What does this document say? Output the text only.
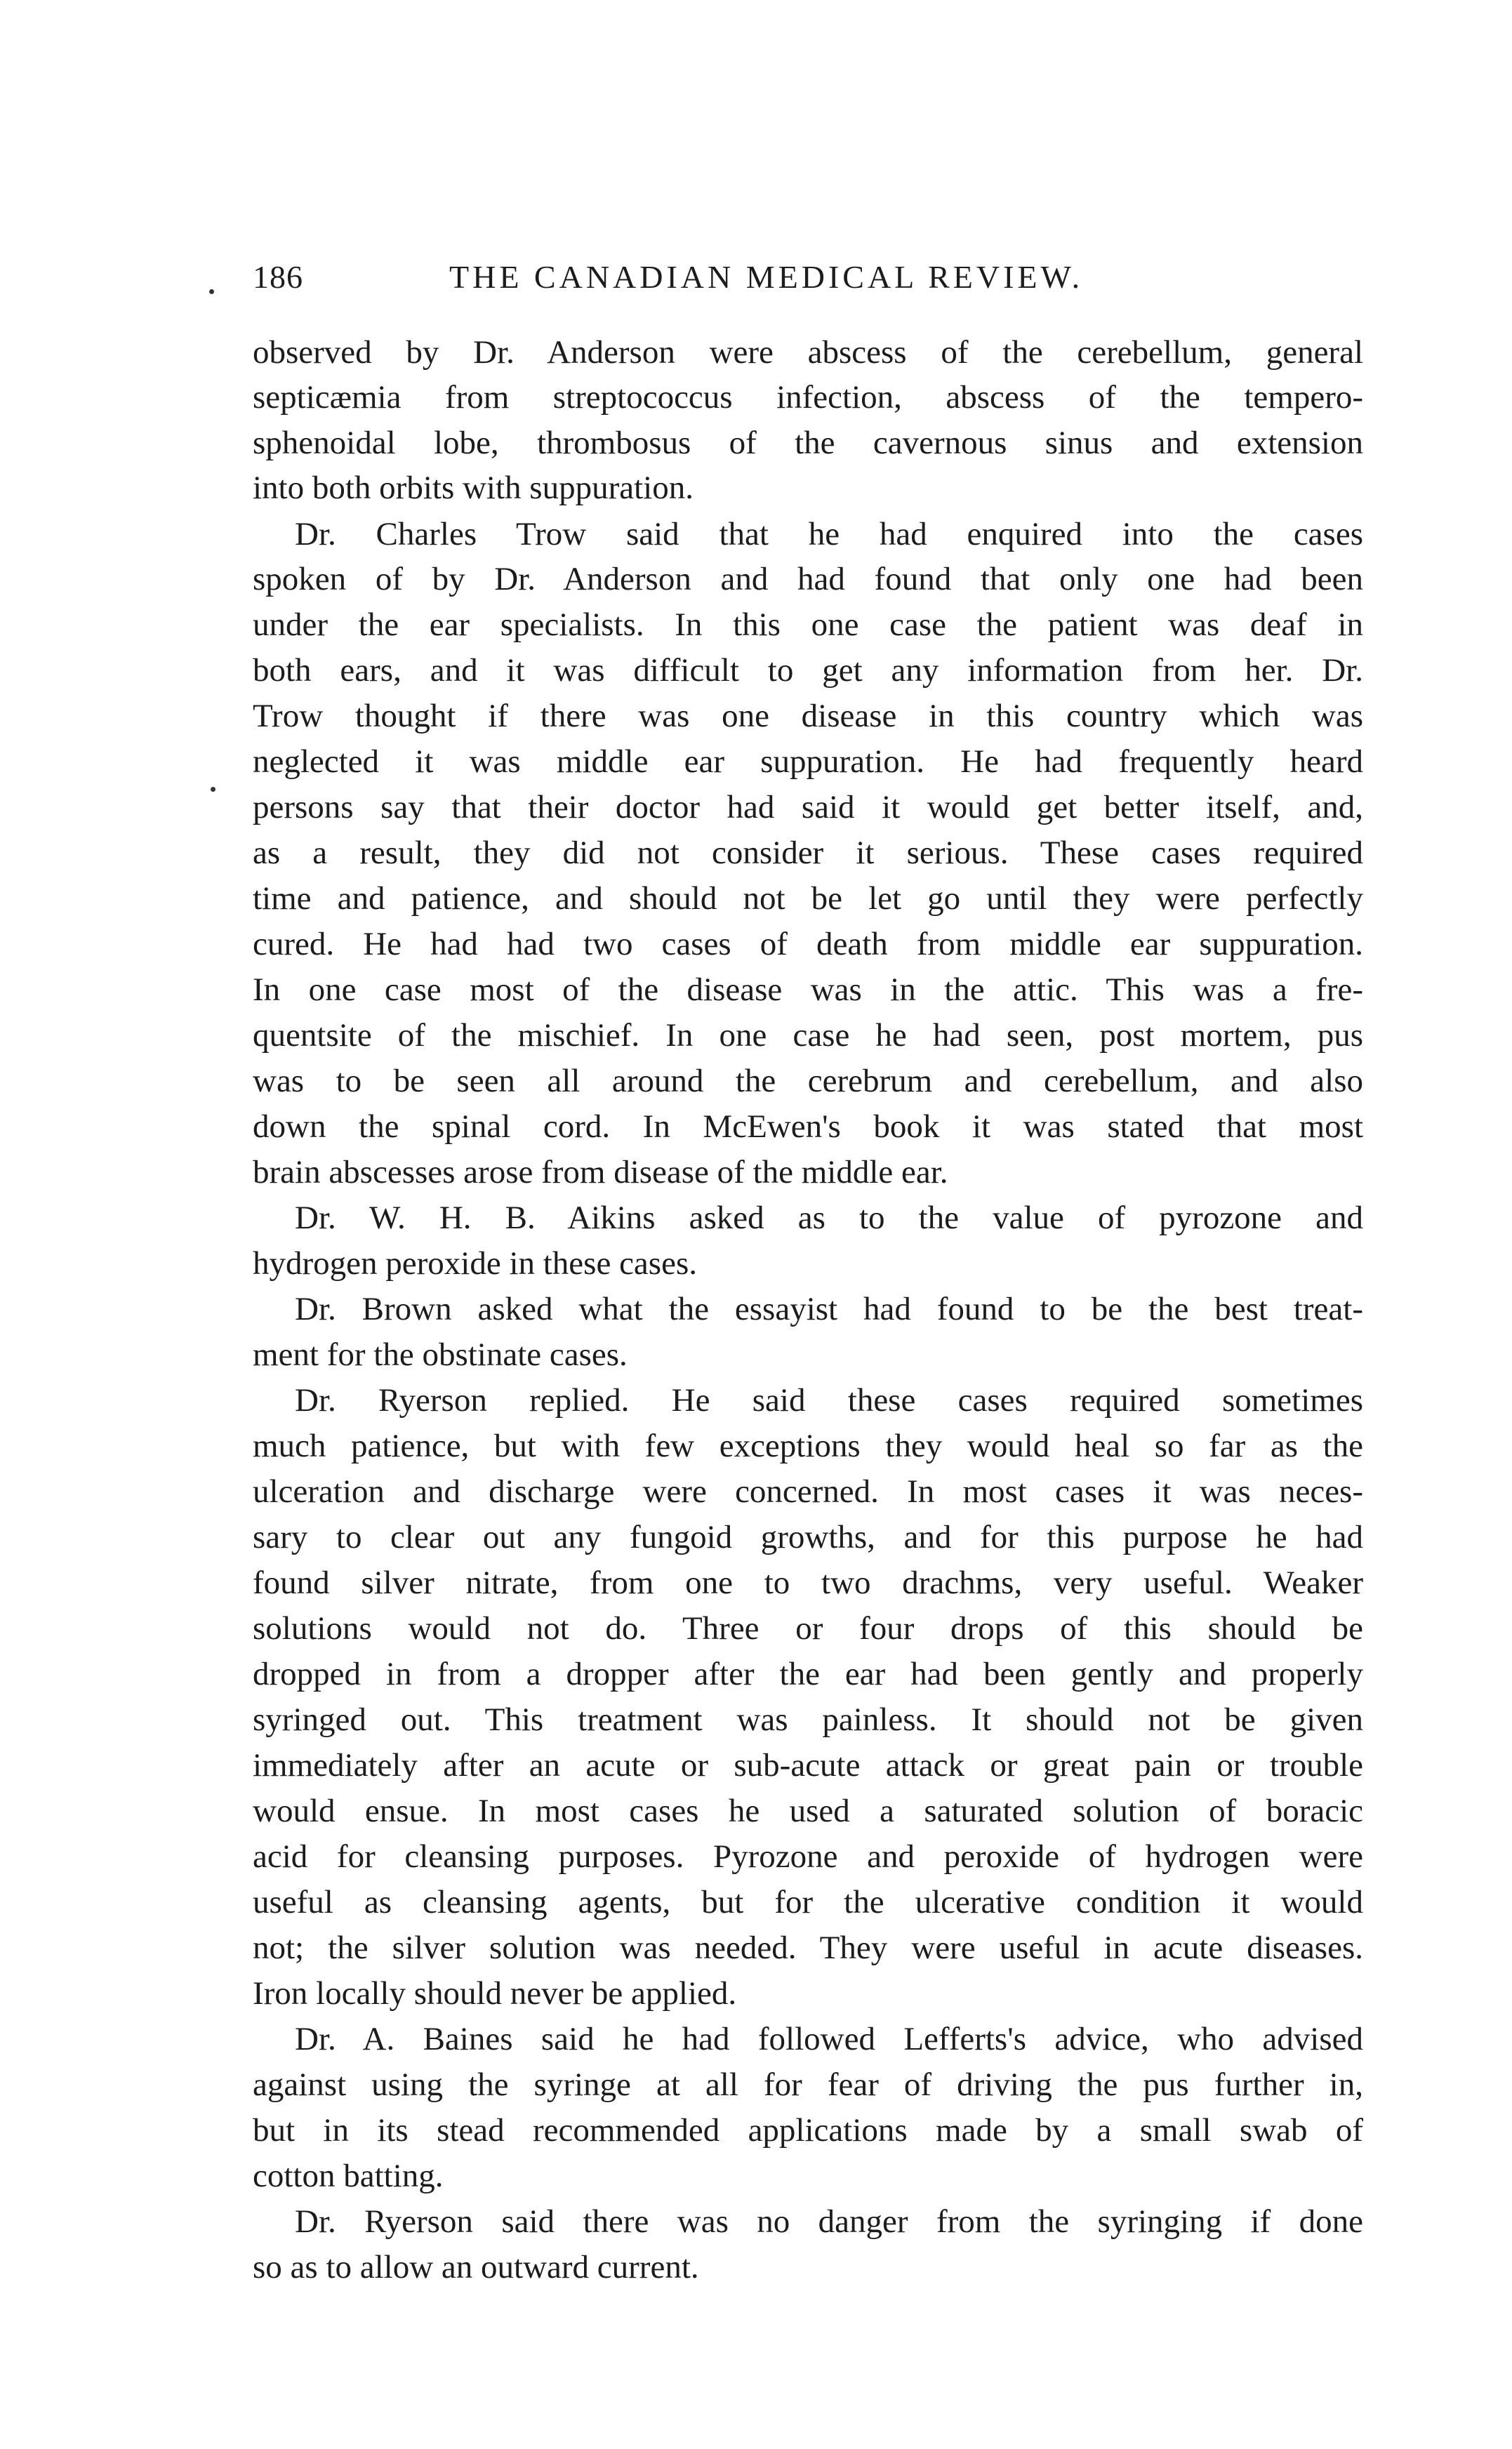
186	THE CANADIAN MEDICAL REVIEW.
observed by Dr. Anderson were abscess of the cerebellum, general
septicæmia from streptococcus infection, abscess of the tempero-
sphenoidal lobe, thrombosus of the cavernous sinus and extension
into both orbits with suppuration.
Dr. Charles Trow said that he had enquired into the cases
spoken of by Dr. Anderson and had found that only one had been
under the ear specialists. In this one case the patient was deaf in
both ears, and it was difficult to get any information from her. Dr.
Trow thought if there was one disease in this country which was
neglected it was middle ear suppuration. He had frequently heard
persons say that their doctor had said it would get better itself, and,
as a result, they did not consider it serious. These cases required
time and patience, and should not be let go until they were perfectly
cured. He had had two cases of death from middle ear suppuration.
In one case most of the disease was in the attic. This was a fre-
quentsite of the mischief. In one case he had seen, post mortem, pus
was to be seen all around the cerebrum and cerebellum, and also
down the spinal cord. In McEwen's book it was stated that most
brain abscesses arose from disease of the middle ear.
Dr. W. H. B. Aikins asked as to the value of pyrozone and
hydrogen peroxide in these cases.
Dr. Brown asked what the essayist had found to be the best treat-
ment for the obstinate cases.
Dr. Ryerson replied. He said these cases required sometimes
much patience, but with few exceptions they would heal so far as the
ulceration and discharge were concerned. In most cases it was neces-
sary to clear out any fungoid growths, and for this purpose he had
found silver nitrate, from one to two drachms, very useful. Weaker
solutions would not do. Three or four drops of this should be
dropped in from a dropper after the ear had been gently and properly
syringed out. This treatment was painless. It should not be given
immediately after an acute or sub-acute attack or great pain or trouble
would ensue. In most cases he used a saturated solution of boracic
acid for cleansing purposes. Pyrozone and peroxide of hydrogen were
useful as cleansing agents, but for the ulcerative condition it would
not; the silver solution was needed. They were useful in acute diseases.
Iron locally should never be applied.
Dr. A. Baines said he had followed Lefferts's advice, who advised
against using the syringe at all for fear of driving the pus further in,
but in its stead recommended applications made by a small swab of
cotton batting.
Dr. Ryerson said there was no danger from the syringing if done
so as to allow an outward current.
